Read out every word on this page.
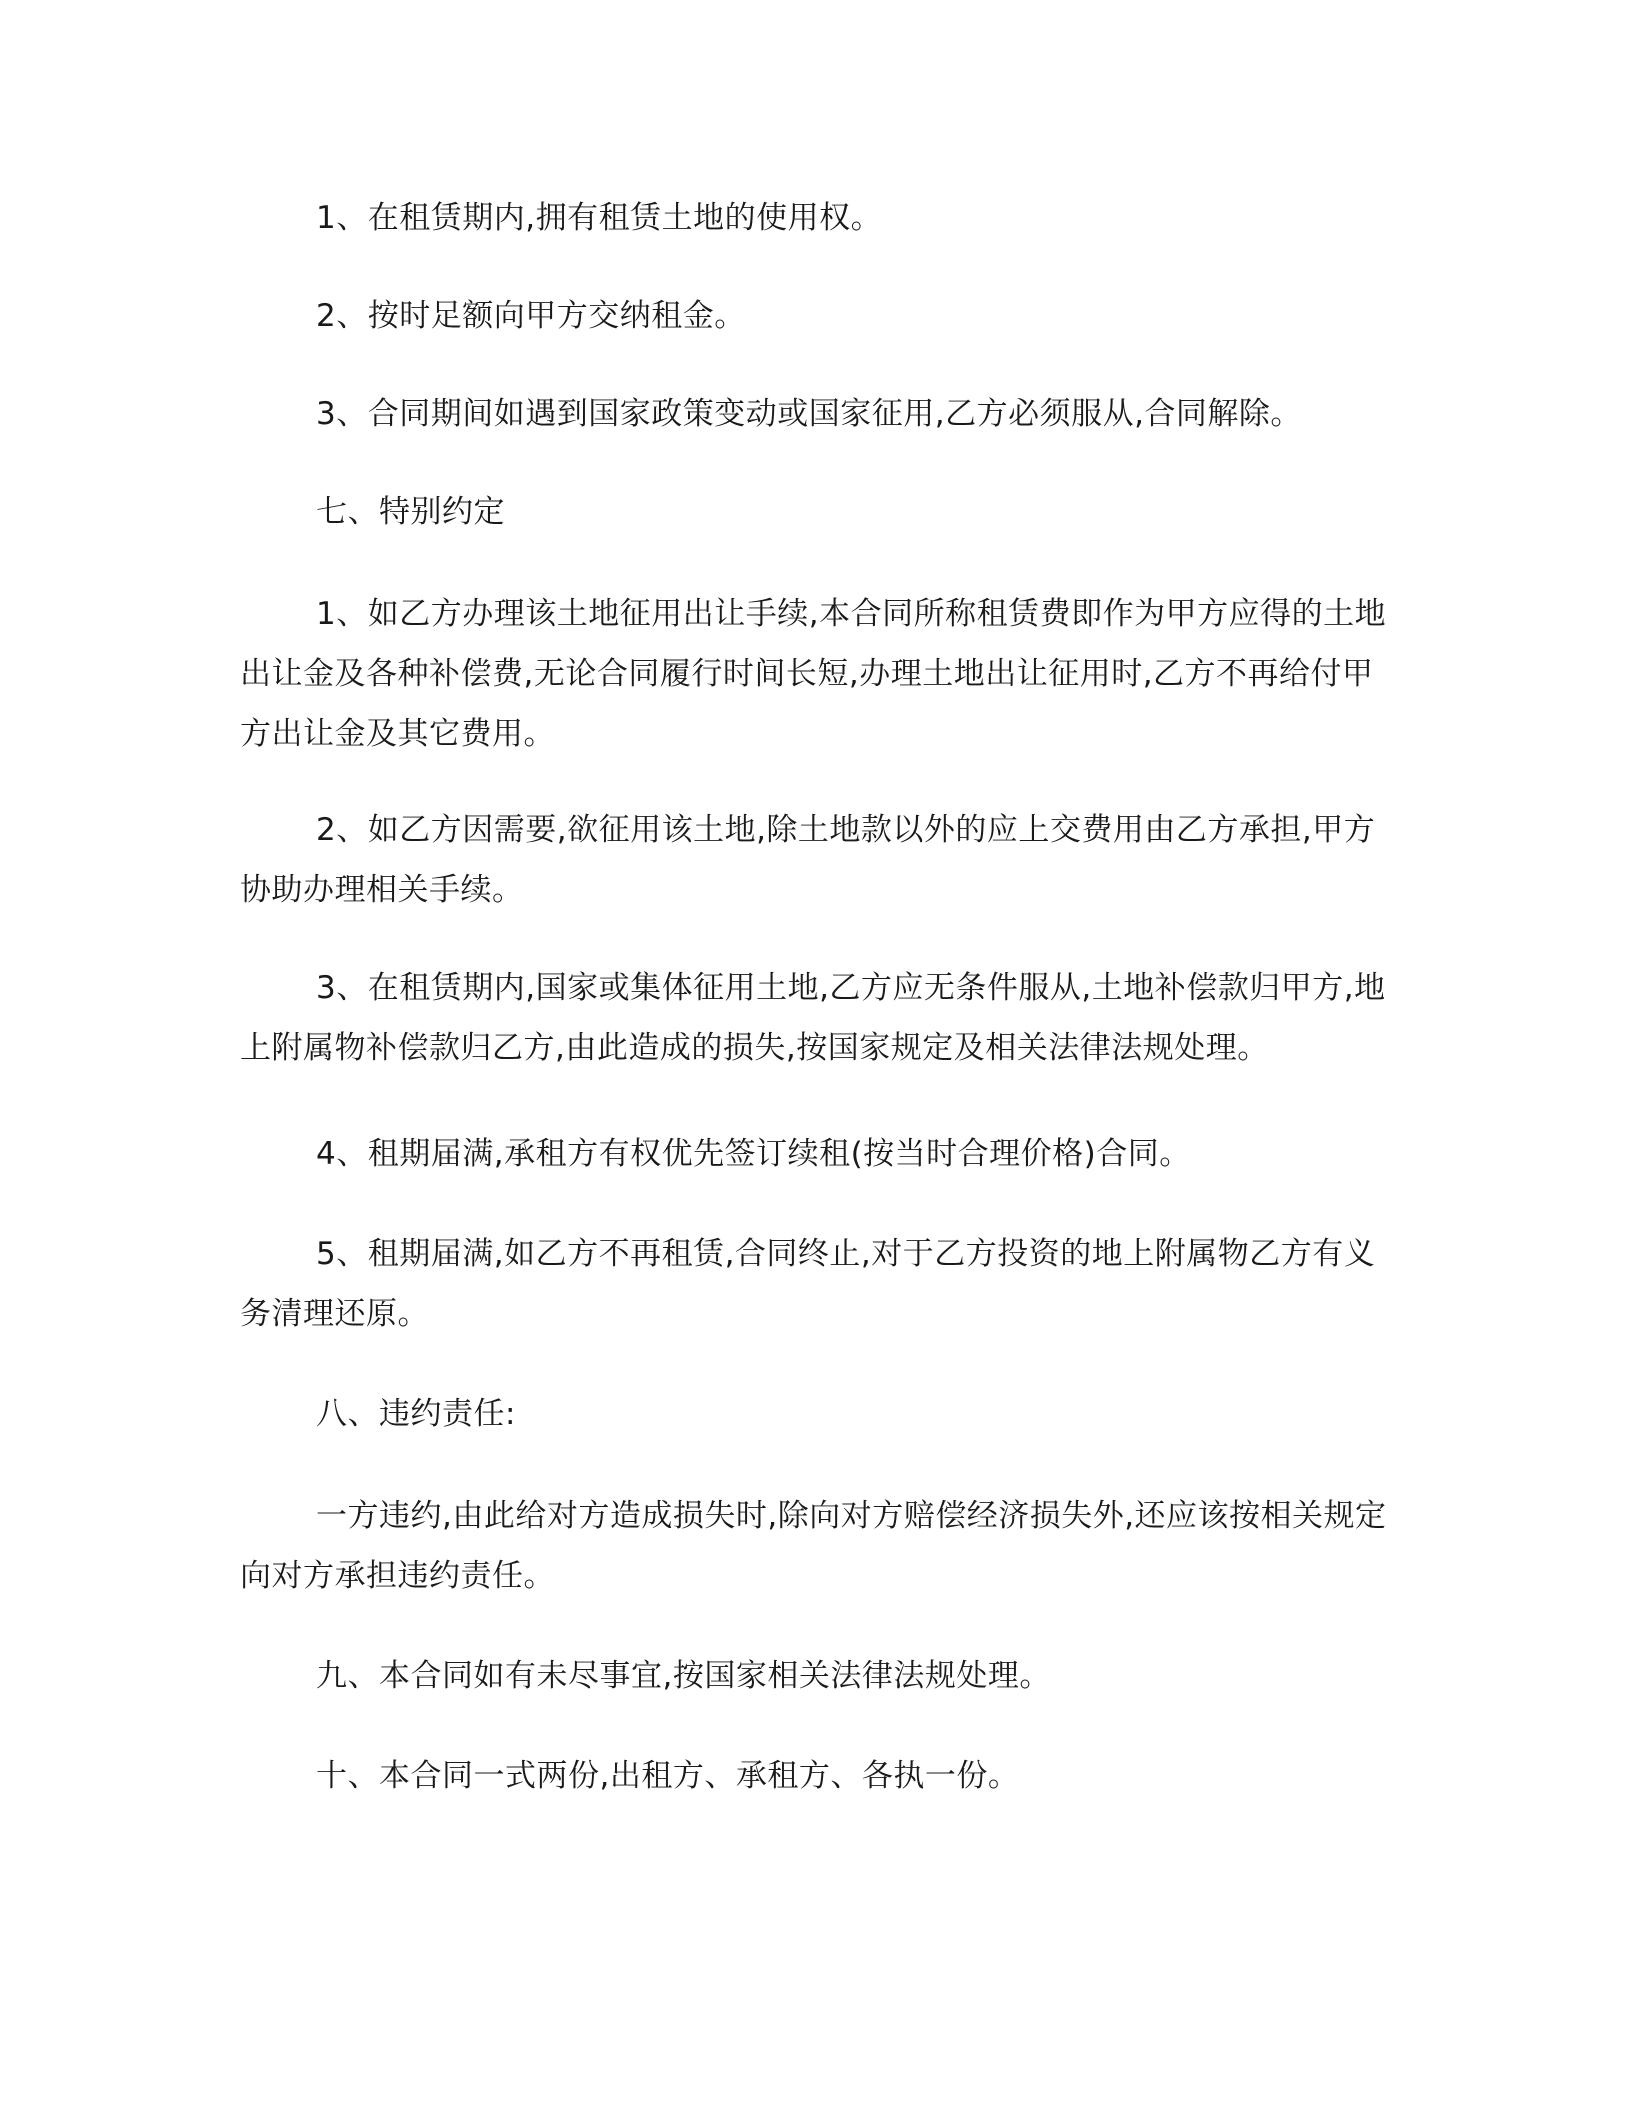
1、在租赁期内,拥有租赁土地的使用权。

2、按时足额向甲方交纳租金。

3、合同期间如遇到国家政策变动或国家征用,乙方必须服从,合同解除。

七、特别约定

1、如乙方办理该土地征用出让手续,本合同所称租赁费即作为甲方应得的土地出让金及各种补偿费,无论合同履行时间长短,办理土地出让征用时,乙方不再给付甲方出让金及其它费用。

2、如乙方因需要,欲征用该土地,除土地款以外的应上交费用由乙方承担,甲方协助办理相关手续。

3、在租赁期内,国家或集体征用土地,乙方应无条件服从,土地补偿款归甲方,地上附属物补偿款归乙方,由此造成的损失,按国家规定及相关法律法规处理。

4、租期届满,承租方有权优先签订续租(按当时合理价格)合同。

5、租期届满,如乙方不再租赁,合同终止,对于乙方投资的地上附属物乙方有义务清理还原。

八、违约责任:

一方违约,由此给对方造成损失时,除向对方赔偿经济损失外,还应该按相关规定向对方承担违约责任。

九、本合同如有未尽事宜,按国家相关法律法规处理。

十、本合同一式两份,出租方、承租方、各执一份。
